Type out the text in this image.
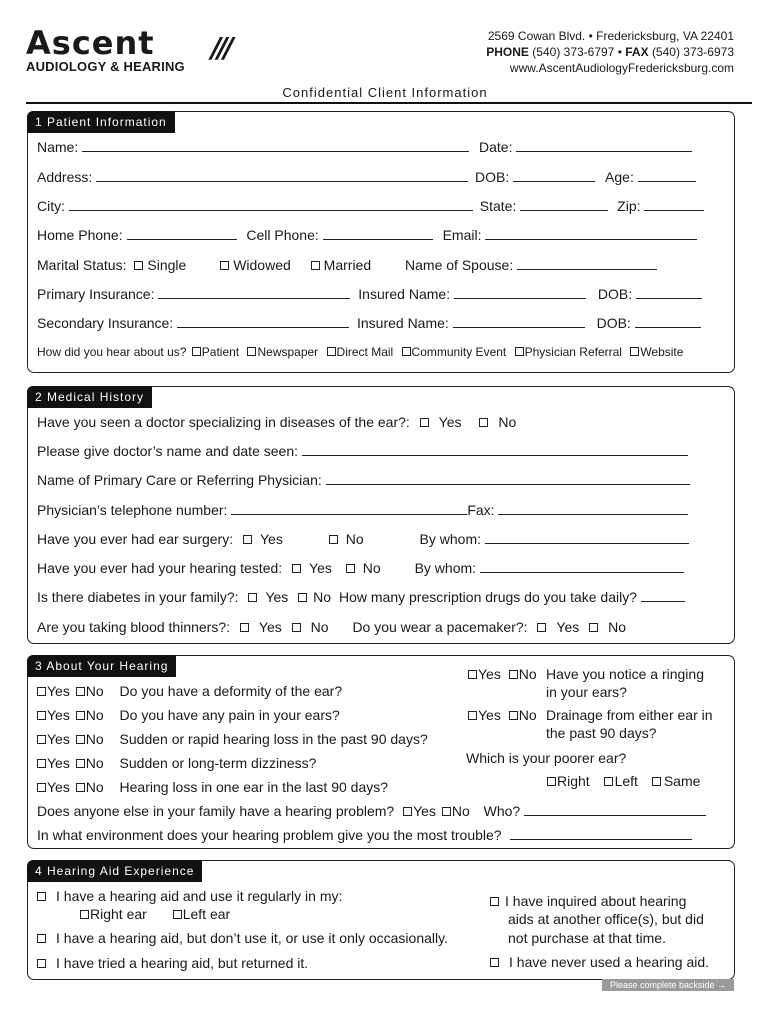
Ascent	///
AUDIOLOGY & HEARING
2569 Cowan Blvd. • Fredericksburg, VA 22401
PHONE (540) 373-6797 • FAX (540) 373-6973
www.AscentAudiologyFredericksburg.com
Confidential Client Information
1 Patient Information
Name:	Date:
Address:	DOB:	Age:
City:	State:	Zip:
Home Phone:	Cell Phone:	Email:
Marital Status: Single	Widowed Married Name of Spouse:
Primary Insurance:	Insured Name:	DOB:
Secondary Insurance:	Insured Name:	DOB:
How did you hear about us? Patient Newspaper Direct Mail Community Event Physician Referral Website
2 Medical History
Have you seen a doctor specializing in diseases of the ear?: Yes	No
Please give doctor’s name and date seen:
Name of Primary Care or Referring Physician:
Physician’s telephone number:	Fax:
Have you ever had ear surgery: Yes	No	By whom:
Have you ever had your hearing tested: Yes No By whom:
Is there diabetes in your family?: Yes No How many prescription drugs do you take daily?
Are you taking blood thinners?: Yes No Do you wear a pacemaker?: Yes No
3 About Your Hearing
Yes No Do you have a deformity of the ear?
Yes No Do you have any pain in your ears?
Yes No Sudden or rapid hearing loss in the past 90 days?
Yes No Sudden or long-term dizziness?
Yes No Hearing loss in one ear in the last 90 days?
Yes No Have you notice a ringing
in your ears?
Yes No Drainage from either ear in
the past 90 days?
Which is your poorer ear?
Right Left Same
Does anyone else in your family have a hearing problem? Yes No Who?
In what environment does your hearing problem give you the most trouble?
4 Hearing Aid Experience
I have a hearing aid and use it regularly in my:
Right ear	Left ear
I have a hearing aid, but don’t use it, or use it only occasionally.
I have tried a hearing aid, but returned it.
I have inquired about hearing
aids at another office(s), but did
not purchase at that time.
I have never used a hearing aid.
Please complete backside →
